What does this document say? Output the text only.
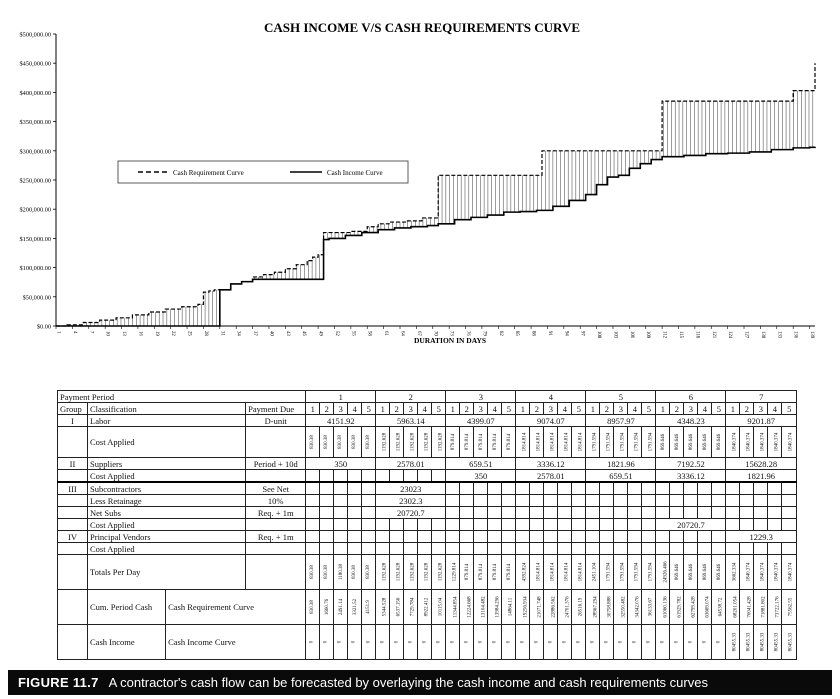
CASH INCOME V/S CASH REQUIREMENTS CURVE
$500,000.00
$450,000.00
$400,000.00
$350,000.00
$300,000.00
$250,000.00
$200,000.00
$150,000.00
$100,000.00
$50,000.00
$0.00
1 4 7 10 13 16 19 22 25 28 31 34 37 40 43 46 49 52 55 58 61 64 67 70 73 76 79 82 85 88 91 94 97 100 103 106 109 112 115 118 121 124 127 130 133 136 139
Cash Requirement Curve	Cash Income Curve
DURATION IN DAYS
Payment Period				1					2					3					4					5					6					7				
Group	Classification		Payment Due	1	2	3	4	5	1	2	3	4	5	1	2	3	4	5	1	2	3	4	5	1	2	3	4	5	1	2	3	4	5	1	2	3	4	5
I	Labor		D-unit	4151.92					5963.14					4399.07					9074.07					8957.97					4348.23					9201.87				
	Cost Applied			830.38	830.38	830.38	830.38	830.38	1192.628	1192.628	1192.628	1192.628	1192.628	879.814	879.814	879.814	879.814	879.814	1814.814	1814.814	1814.814	1814.814	1814.814	1791.594	1791.594	1791.594	1791.594	1791.594	869.646	869.646	869.646	869.646	869.646	1840.374	1840.374	1840.374	1840.374	1840.374
II	Suppliers		Period + 10d	350					2578.01					659.51					3336.12					1821.96					7192.52					15628.28				
	Cost Applied													350					2578.01					659.51					3336.12					1821.96				
III	Subcontractors		See Net						23023																													
	Less Retainage		10%						2302.3																													
	Net Subs		Req. + 1m						20720.7																													
	Cost Applied																												20720.7									
IV	Principal Vendors		Req. + 1m																															1229.3				
	Cost Applied																																					
	Totals Per Day			830.38	830.38	1180.38	830.38	830.38	1192.628	1192.628	1192.628	1192.628	1192.628	1229.814	879.814	879.814	879.814	879.814	4392.824	1814.814	1814.814	1814.814	1814.814	2451.104	1791.594	1791.594	1791.594	1791.594	24926.466	869.646	869.646	869.646	869.646	3662.334	1840.374	1840.374	1840.374	1840.374
	Cum. Period Cash	Cash Requirement Curve		830.38	1660.76	2491.14	3321.52	4151.9	5344.528	6537.156	7729.784	8922.412	10115.04	11344.854	12224.668	13104.482	13984.296	14864.11	19256.934	21071.748	22886.562	24701.376	26516.19	28967.294	30758.888	32550.482	34342.076	36133.67	61060.136	61929.782	62799.428	63669.074	64538.72	68201.054	70041.428	71881.802	73722.176	75562.55
	Cash Income	Cash Income Curve		0	0	0	0	0	0	0	0	0	0	0	0	0	0	0	0	0	0	0	0	0	0	0	0	0	0	0	0	0	0	80455.33	80455.33	80455.33	80455.33	80455.33
FIGURE 11.7 A contractor's cash flow can be forecasted by overlaying the cash income and cash requirements curves
